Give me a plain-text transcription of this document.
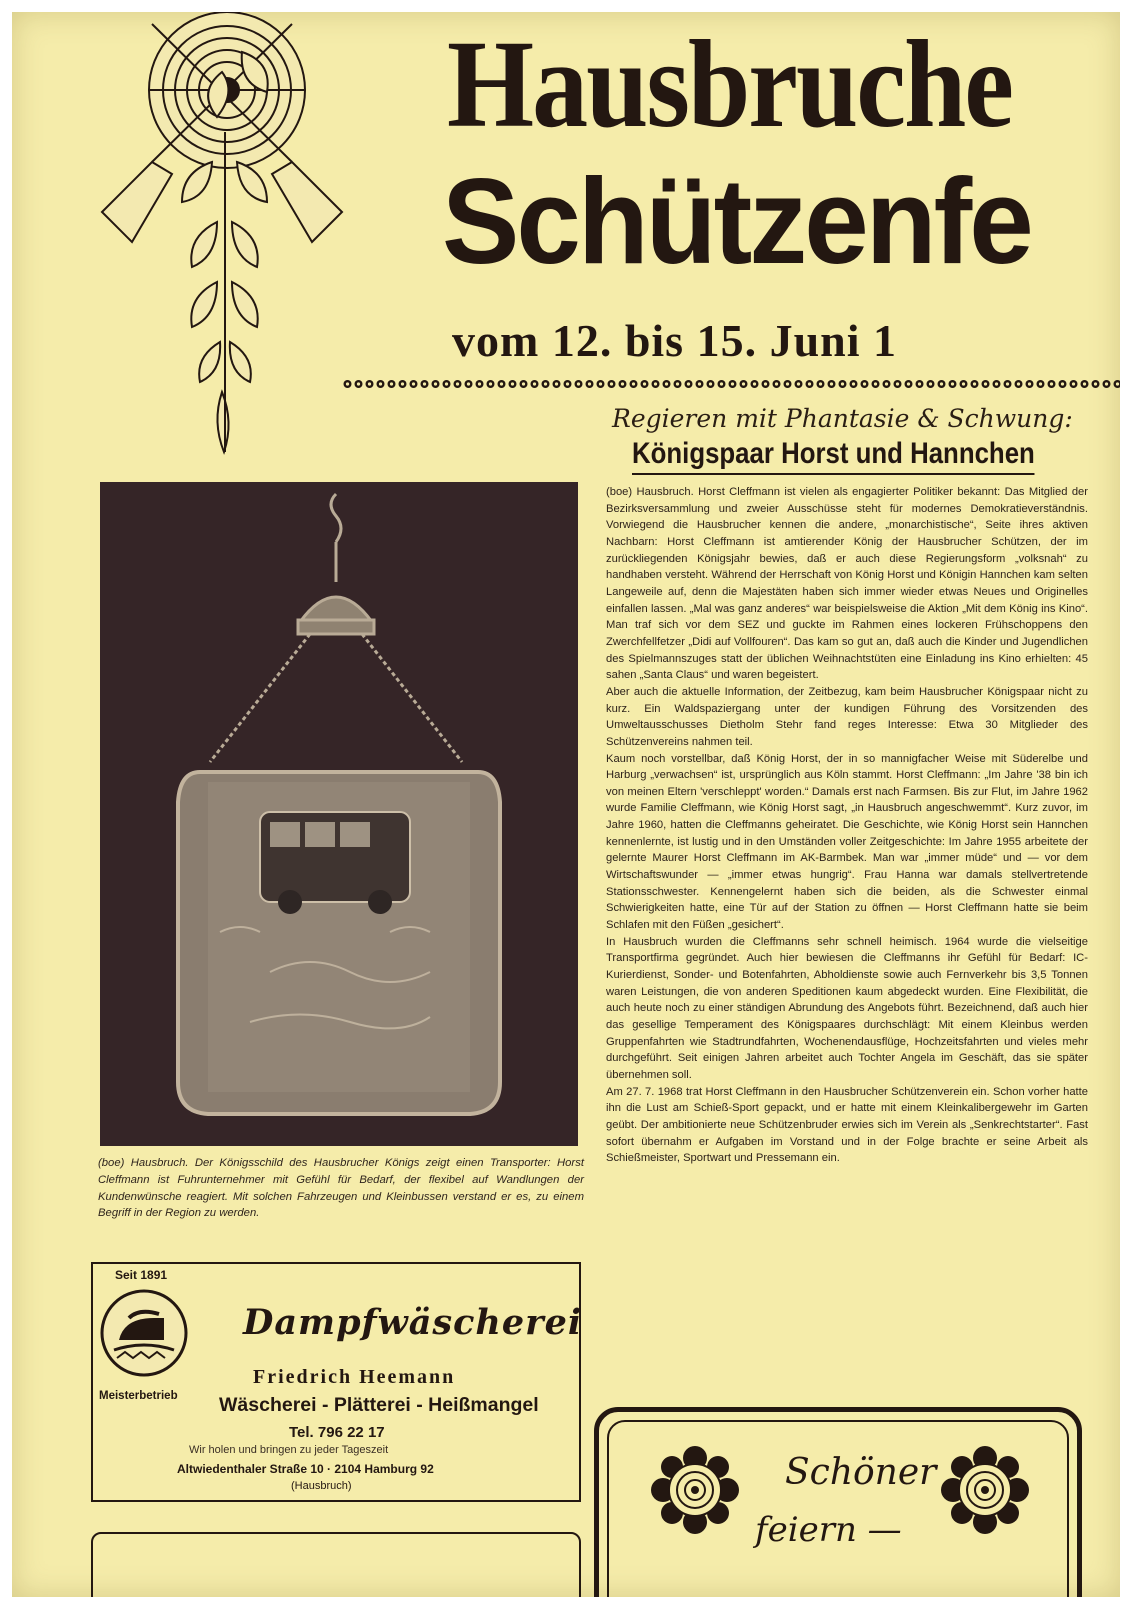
Hausbruche
Schützenfe
vom 12. bis 15. Juni 1
Regieren mit Phantasie & Schwung:
Königspaar Horst und Hannchen

(boe) Hausbruch. Horst Cleffmann ist vielen als engagierter Politiker bekannt: Das Mitglied der Bezirksversammlung und zweier Ausschüsse steht für modernes Demokratieverständnis. Vorwiegend die Hausbrucher kennen die andere, „monarchistische“, Seite ihres aktiven Nachbarn: Horst Cleffmann ist amtierender König der Hausbrucher Schützen, der im zurückliegenden Königsjahr bewies, daß er auch diese Regierungsform „volksnah“ zu handhaben versteht. Während der Herrschaft von König Horst und Königin Hannchen kam selten Langeweile auf, denn die Majestäten haben sich immer wieder etwas Neues und Originelles einfallen lassen. „Mal was ganz anderes“ war beispielsweise die Aktion „Mit dem König ins Kino“. Man traf sich vor dem SEZ und guckte im Rahmen eines lockeren Frühschoppens den Zwerchfellfetzer „Didi auf Vollfouren“. Das kam so gut an, daß auch die Kinder und Jugendlichen des Spielmannszuges statt der üblichen Weihnachtstüten eine Einladung ins Kino erhielten: 45 sahen „Santa Claus“ und waren begeistert.

Aber auch die aktuelle Information, der Zeitbezug, kam beim Hausbrucher Königspaar nicht zu kurz. Ein Waldspaziergang unter der kundigen Führung des Vorsitzenden des Umweltausschusses Dietholm Stehr fand reges Interesse: Etwa 30 Mitglieder des Schützenvereins nahmen teil.

Kaum noch vorstellbar, daß König Horst, der in so mannigfacher Weise mit Süderelbe und Harburg „verwachsen“ ist, ursprünglich aus Köln stammt. Horst Cleffmann: „Im Jahre '38 bin ich von meinen Eltern 'verschleppt' worden.“ Damals erst nach Farmsen. Bis zur Flut, im Jahre 1962 wurde Familie Cleffmann, wie König Horst sagt, „in Hausbruch angeschwemmt“. Kurz zuvor, im Jahre 1960, hatten die Cleffmanns geheiratet. Die Geschichte, wie König Horst sein Hannchen kennenlernte, ist lustig und in den Umständen voller Zeitgeschichte: Im Jahre 1955 arbeitete der gelernte Maurer Horst Cleffmann im AK-Barmbek. Man war „immer müde“ und — vor dem Wirtschaftswunder — „immer etwas hungrig“. Frau Hanna war damals stellvertretende Stationsschwester. Kennengelernt haben sich die beiden, als die Schwester einmal Schwierigkeiten hatte, eine Tür auf der Station zu öffnen — Horst Cleffmann hatte sie beim Schlafen mit den Füßen „gesichert“.

In Hausbruch wurden die Cleffmanns sehr schnell heimisch. 1964 wurde die vielseitige Transportfirma gegründet. Auch hier bewiesen die Cleffmanns ihr Gefühl für Bedarf: IC-Kurierdienst, Sonder- und Botenfahrten, Abholdienste sowie auch Fernverkehr bis 3,5 Tonnen waren Leistungen, die von anderen Speditionen kaum abgedeckt wurden. Eine Flexibilität, die auch heute noch zu einer ständigen Abrundung des Angebots führt. Bezeichnend, daß auch hier das gesellige Temperament des Königspaares durchschlägt: Mit einem Kleinbus werden Gruppenfahrten wie Stadtrundfahrten, Wochenendausflüge, Hochzeitsfahrten und vieles mehr durchgeführt. Seit einigen Jahren arbeitet auch Tochter Angela im Geschäft, das sie später übernehmen soll.

Am 27. 7. 1968 trat Horst Cleffmann in den Hausbrucher Schützenverein ein. Schon vorher hatte ihn die Lust am Schieß-Sport gepackt, und er hatte mit einem Kleinkalibergewehr im Garten geübt. Der ambitionierte neue Schützenbruder erwies sich im Verein als „Senkrechtstarter“. Fast sofort übernahm er Aufgaben im Vorstand und in der Folge brachte er seine Arbeit als Schießmeister, Sportwart und Pressemann ein.

(boe) Hausbruch. Der Königsschild des Hausbrucher Königs zeigt einen Transporter: Horst Cleffmann ist Fuhrunternehmer mit Gefühl für Bedarf, der flexibel auf Wandlungen der Kundenwünsche reagiert. Mit solchen Fahrzeugen und Kleinbussen verstand er es, zu einem Begriff in der Region zu werden.
Seit 1891
Meisterbetrieb
Dampfwäscherei
Friedrich Heemann
Wäscherei - Plätterei - Heißmangel
Tel. 796 22 17
Wir holen und bringen zu jeder Tageszeit
Altwiedenthaler Straße 10 · 2104 Hamburg 92
(Hausbruch)	Schöner
feiern —
